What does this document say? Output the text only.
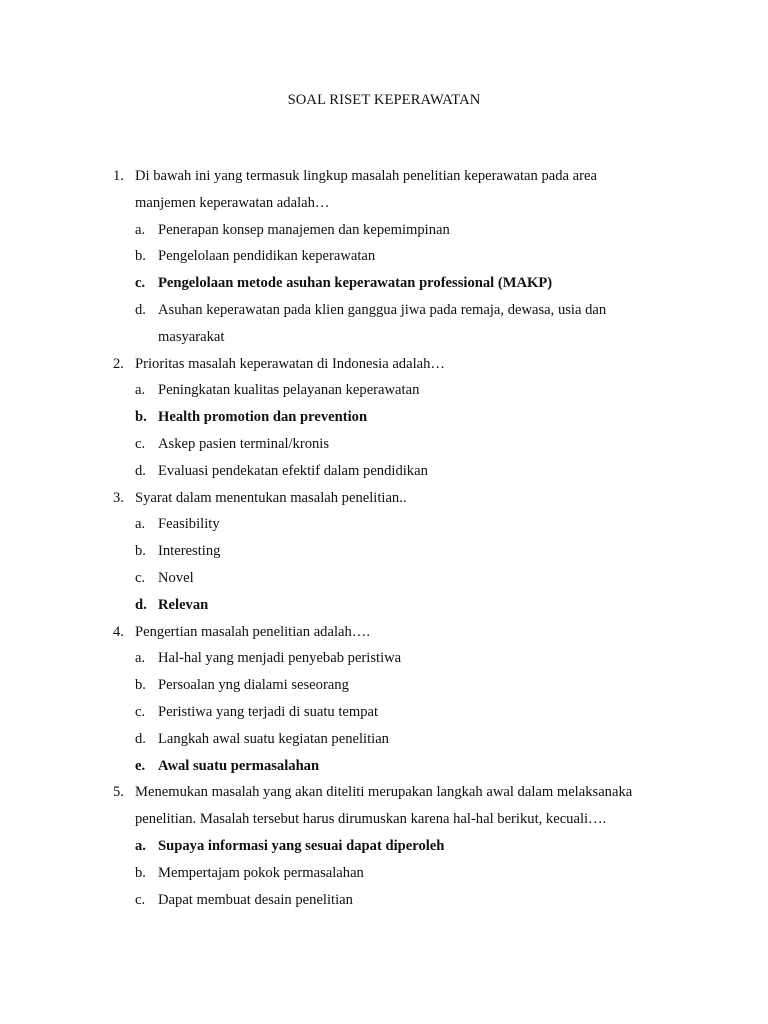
SOAL RISET KEPERAWATAN
1. Di bawah ini yang termasuk lingkup masalah penelitian keperawatan pada area
manjemen keperawatan adalah…
a. Penerapan konsep manajemen dan kepemimpinan
b. Pengelolaan pendidikan keperawatan
c. Pengelolaan metode asuhan keperawatan professional (MAKP)
d. Asuhan keperawatan pada klien ganggua jiwa pada remaja, dewasa, usia dan
masyarakat
2. Prioritas masalah keperawatan di Indonesia adalah…
a. Peningkatan kualitas pelayanan keperawatan
b. Health promotion dan prevention
c. Askep pasien terminal/kronis
d. Evaluasi pendekatan efektif dalam pendidikan
3. Syarat dalam menentukan masalah penelitian..
a. Feasibility
b. Interesting
c. Novel
d. Relevan
4. Pengertian masalah penelitian adalah….
a. Hal-hal yang menjadi penyebab peristiwa
b. Persoalan yng dialami seseorang
c. Peristiwa yang terjadi di suatu tempat
d. Langkah awal suatu kegiatan penelitian
e. Awal suatu permasalahan
5. Menemukan masalah yang akan diteliti merupakan langkah awal dalam melaksanaka
penelitian. Masalah tersebut harus dirumuskan karena hal-hal berikut, kecuali….
a. Supaya informasi yang sesuai dapat diperoleh
b. Mempertajam pokok permasalahan
c. Dapat membuat desain penelitian
